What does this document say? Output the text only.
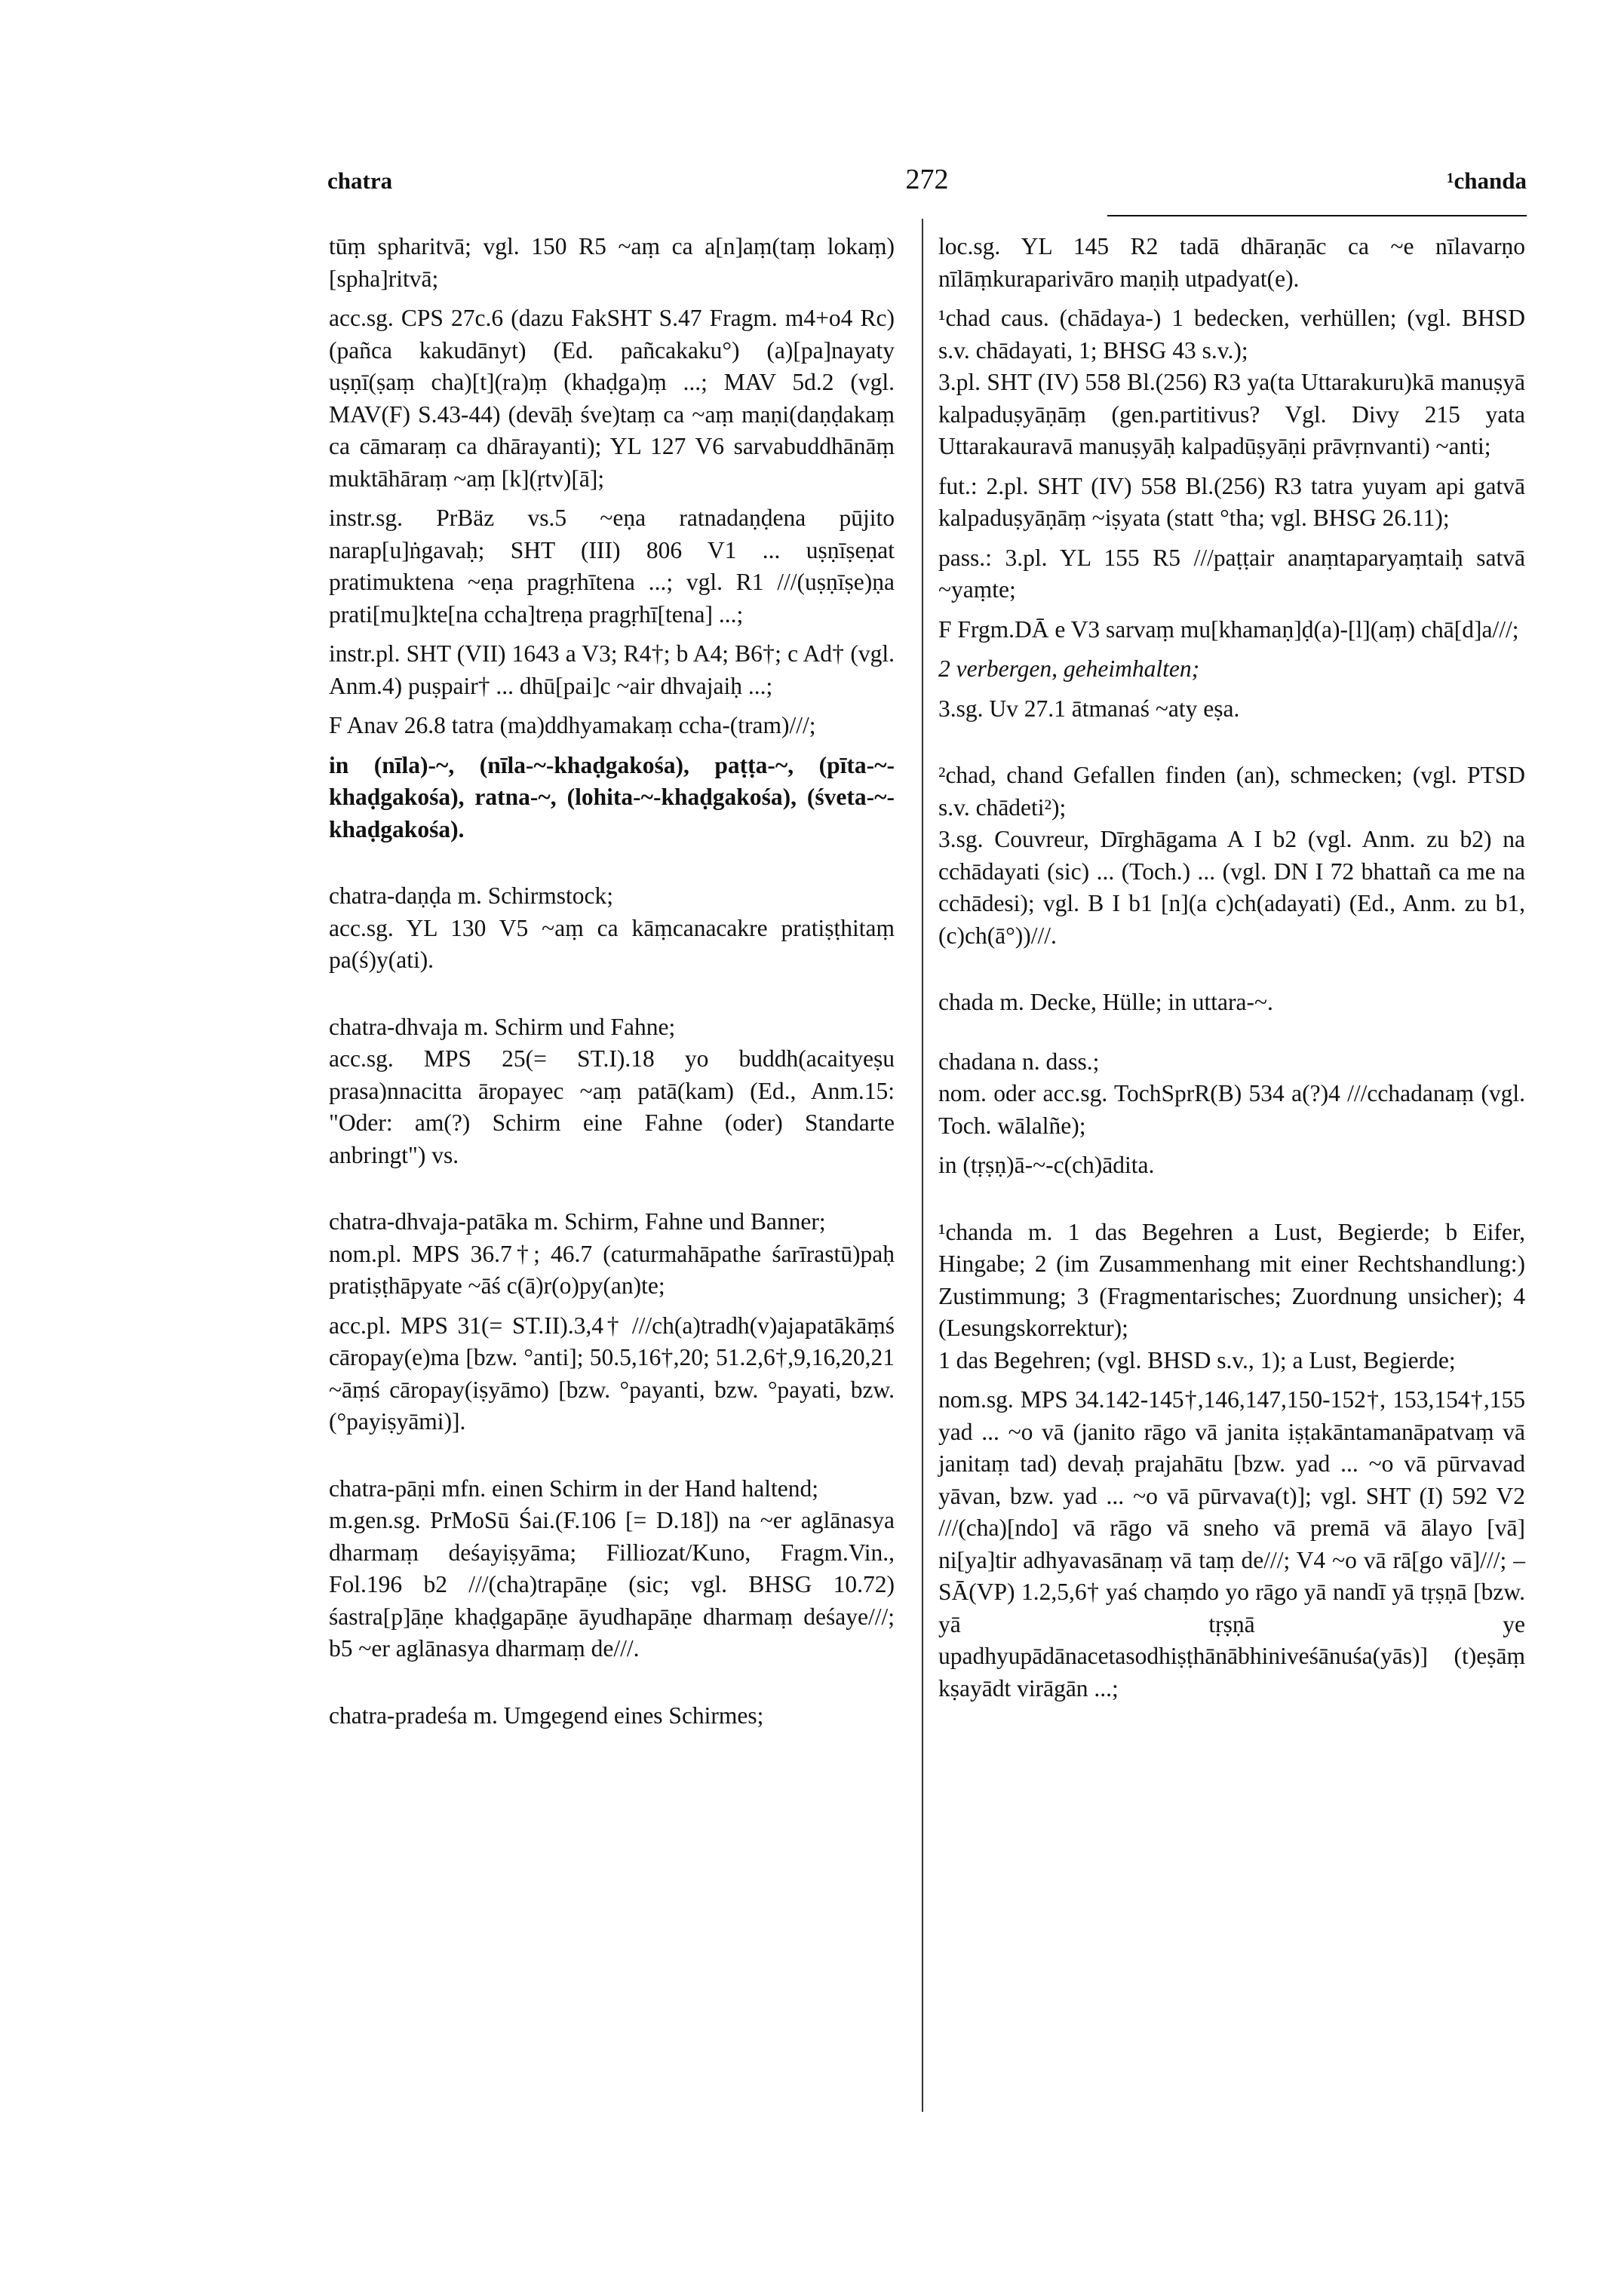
chatra	272	¹chanda

tūṃ spharitvā; vgl. 150 R5 ~aṃ ca a[n]aṃ(taṃ lokaṃ) [spha]ritvā;

acc.sg. CPS 27c.6 (dazu FakSHT S.47 Fragm. m4+o4 Rc) (pañca kakudānyt) (Ed. pañcakaku°) (a)[pa]nayaty uṣṇī(ṣaṃ cha)[t](ra)ṃ (khaḍga)ṃ ...; MAV 5d.2 (vgl. MAV(F) S.43-44) (devāḥ śve)taṃ ca ~aṃ maṇi(daṇḍakaṃ ca cāmaraṃ ca dhārayanti); YL 127 V6 sarvabuddhānāṃ muktāhāraṃ ~aṃ [k](ṛtv)[ā];

instr.sg. PrBäz vs.5 ~eṇa ratnadaṇḍena pūjito narap[u]ṅgavaḥ; SHT (III) 806 V1 ... uṣṇīṣeṇat pratimuktena ~eṇa pragṛhītena ...; vgl. R1 ///(uṣṇīṣe)ṇa prati[mu]kte[na ccha]treṇa pragṛhī[tena] ...;

instr.pl. SHT (VII) 1643 a V3; R4†; b A4; B6†; c Ad† (vgl. Anm.4) puṣpair† ... dhū[pai]c ~air dhvajaiḥ ...;

F Anav 26.8 tatra (ma)ddhyamakaṃ ccha-(tram)///;

in (nīla)-~, (nīla-~-khaḍgakośa), paṭṭa-~, (pīta-~-khaḍgakośa), ratna-~, (lohita-~-khaḍgakośa), (śveta-~-khaḍgakośa).

chatra-daṇḍa m. Schirmstock;

acc.sg. YL 130 V5 ~aṃ ca kāṃcanacakre pratiṣṭhitaṃ pa(ś)y(ati).

chatra-dhvaja m. Schirm und Fahne;

acc.sg. MPS 25(= ST.I).18 yo buddh(acaityeṣu prasa)nnacitta āropayec ~aṃ patā(kam) (Ed., Anm.15: "Oder: am(?) Schirm eine Fahne (oder) Standarte anbringt") vs.

chatra-dhvaja-patāka m. Schirm, Fahne und Banner;

nom.pl. MPS 36.7†; 46.7 (caturmahāpathe śarīrastū)paḥ pratiṣṭhāpyate ~āś c(ā)r(o)py(an)te;

acc.pl. MPS 31(= ST.II).3,4† ///ch(a)tradh(v)ajapatākāṃś cāropay(e)ma [bzw. °anti]; 50.5,16†,20; 51.2,6†,9,16,20,21 ~āṃś cāropay(iṣyāmo) [bzw. °payanti, bzw. °payati, bzw. (°payiṣyāmi)].

chatra-pāṇi mfn. einen Schirm in der Hand haltend;

m.gen.sg. PrMoSū Śai.(F.106 [= D.18]) na ~er aglānasya dharmaṃ deśayiṣyāma; Filliozat/Kuno, Fragm.Vin., Fol.196 b2 ///(cha)trapāṇe (sic; vgl. BHSG 10.72) śastra[p]āṇe khaḍgapāṇe āyudhapāṇe dharmaṃ deśaye///; b5 ~er aglānasya dharmaṃ de///.

chatra-pradeśa m. Umgegend eines Schirmes;

loc.sg. YL 145 R2 tadā dhāraṇāc ca ~e nīlavarṇo nīlāṃkuraparivāro maṇiḥ utpadyat(e).

¹chad caus. (chādaya-) 1 bedecken, verhüllen; (vgl. BHSD s.v. chādayati, 1; BHSG 43 s.v.);

3.pl. SHT (IV) 558 Bl.(256) R3 ya(ta Uttarakuru)kā manuṣyā kalpaduṣyāṇāṃ (gen.partitivus? Vgl. Divy 215 yata Uttarakauravā manuṣyāḥ kalpadūṣyāṇi prāvṛnvanti) ~anti;

fut.: 2.pl. SHT (IV) 558 Bl.(256) R3 tatra yuyam api gatvā kalpaduṣyāṇāṃ ~iṣyata (statt °tha; vgl. BHSG 26.11);

pass.: 3.pl. YL 155 R5 ///paṭṭair anaṃtaparyaṃtaiḥ satvā ~yaṃte;

F Frgm.DĀ e V3 sarvaṃ mu[khamaṇ]ḍ(a)-[l](aṃ) chā[d]a///;

2 verbergen, geheimhalten;

3.sg. Uv 27.1 ātmanaś ~aty eṣa.

²chad, chand Gefallen finden (an), schmecken; (vgl. PTSD s.v. chādeti²);

3.sg. Couvreur, Dīrghāgama A I b2 (vgl. Anm. zu b2) na cchādayati (sic) ... (Toch.) ... (vgl. DN I 72 bhattañ ca me na cchādesi); vgl. B I b1 [n](a c)ch(adayati) (Ed., Anm. zu b1, (c)ch(ā°))///.

chada m. Decke, Hülle; in uttara-~.

chadana n. dass.;

nom. oder acc.sg. TochSprR(B) 534 a(?)4 ///cchadanaṃ (vgl. Toch. wālalñe);

in (tṛṣṇ)ā-~-c(ch)ādita.

¹chanda m. 1 das Begehren a Lust, Begierde; b Eifer, Hingabe; 2 (im Zusammenhang mit einer Rechtshandlung:) Zustimmung; 3 (Fragmentarisches; Zuordnung unsicher); 4 (Lesungskorrektur);

1 das Begehren; (vgl. BHSD s.v., 1); a Lust, Begierde;

nom.sg. MPS 34.142-145†,146,147,150-152†, 153,154†,155 yad ... ~o vā (janito rāgo vā janita iṣṭakāntamanāpatvaṃ vā janitaṃ tad) devaḥ prajahātu [bzw. yad ... ~o vā pūrvavad yāvan, bzw. yad ... ~o vā pūrvava(t)]; vgl. SHT (I) 592 V2 ///(cha)[ndo] vā rāgo vā sneho vā premā vā ālayo [vā] ni[ya]tir adhyavasānaṃ vā taṃ de///; V4 ~o vā rā[go vā]///; – SĀ(VP) 1.2,5,6† yaś chaṃdo yo rāgo yā nandī yā tṛṣṇā [bzw. yā tṛṣṇā ye upadhyupādānacetasodhiṣṭhānābhiniveśānuśa(yās)] (t)eṣāṃ kṣayādt virāgān ...;
